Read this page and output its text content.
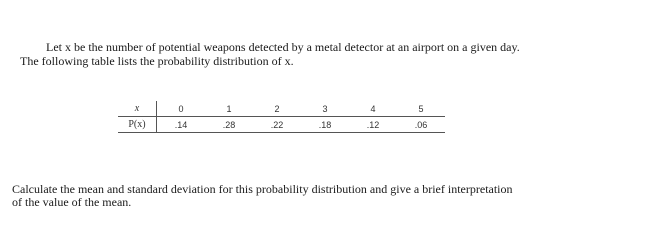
Let x be the number of potential weapons detected by a metal detector at an airport on a given day.
The following table lists the probability distribution of x.
x	0	1	2	3	4	5
P(x)	.14	.28	.22	.18	.12	.06
Calculate the mean and standard deviation for this probability distribution and give a brief interpretation
of the value of the mean.
